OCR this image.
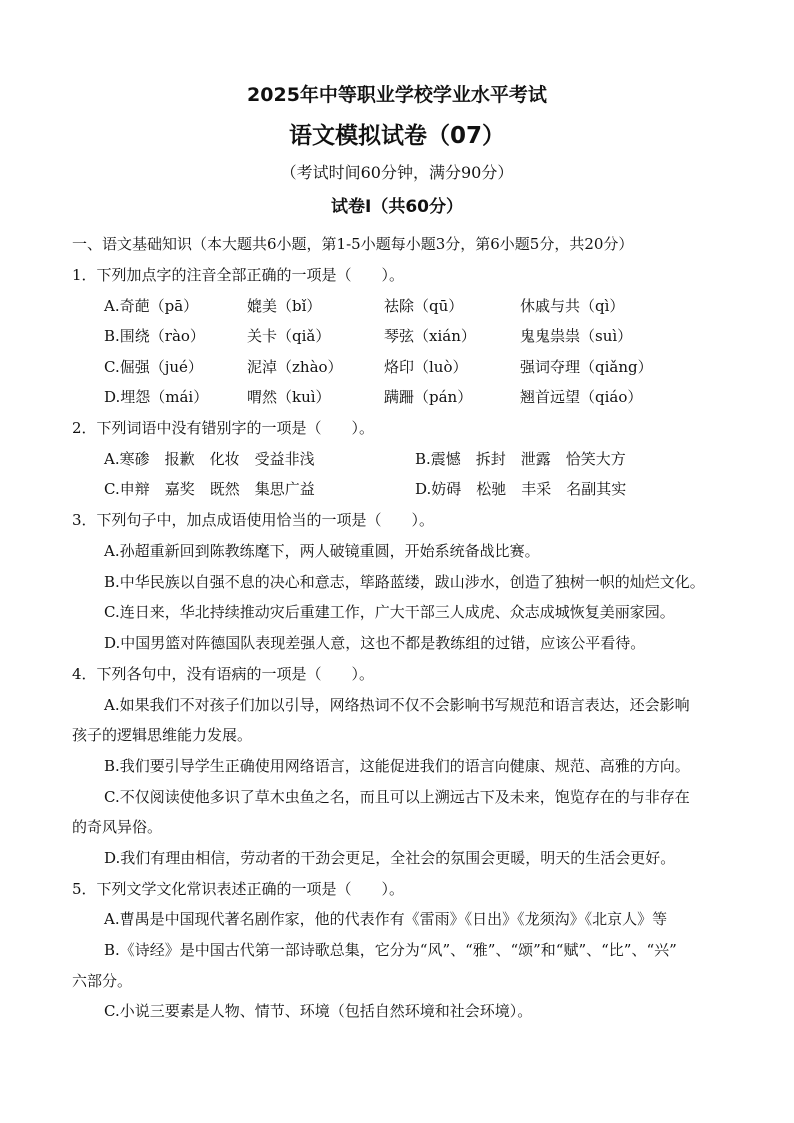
2025年中等职业学校学业水平考试
语文模拟试卷（07）
（考试时间60分钟，满分90分）
试卷Ⅰ（共60分）
一、语文基础知识（本大题共6小题，第1-5小题每小题3分，第6小题5分，共20分）
1．下列加点字的注音全部正确的一项是（　　）。
A.奇葩（pā）	媲美（bǐ）	祛除（qū）	休戚与共（qì）
B.围绕（rào）	关卡（qiǎ）	琴弦（xián）	鬼鬼祟祟（suì）
C.倔强（jué）	泥淖（zhào）	烙印（luò）	强词夺理（qiǎng）
D.埋怨（mái）	喟然（kuì）	蹒跚（pán）	翘首远望（qiáo）
2．下列词语中没有错别字的一项是（　　）。
A.寒碜　报歉　化妆　受益非浅	B.震憾　拆封　泄露　恰笑大方
C.申辩　嘉奖　既然　集思广益	D.妨碍　松驰　丰采　名副其实
3．下列句子中，加点成语使用恰当的一项是（　　）。
A.孙超重新回到陈教练麾下，两人破镜重圆，开始系统备战比赛。
B.中华民族以自强不息的决心和意志，筚路蓝缕，跋山涉水，创造了独树一帜的灿烂文化。
C.连日来，华北持续推动灾后重建工作，广大干部三人成虎、众志成城恢复美丽家园。
D.中国男篮对阵德国队表现差强人意，这也不都是教练组的过错，应该公平看待。
4．下列各句中，没有语病的一项是（　　）。
A.如果我们不对孩子们加以引导，网络热词不仅不会影响书写规范和语言表达，还会影响
孩子的逻辑思维能力发展。
B.我们要引导学生正确使用网络语言，这能促进我们的语言向健康、规范、高雅的方向。
C.不仅阅读使他多识了草木虫鱼之名，而且可以上溯远古下及未来，饱览存在的与非存在
的奇风异俗。
D.我们有理由相信，劳动者的干劲会更足，全社会的氛围会更暖，明天的生活会更好。
5．下列文学文化常识表述正确的一项是（　　）。
A.曹禺是中国现代著名剧作家，他的代表作有《雷雨》《日出》《龙须沟》《北京人》等
B.《诗经》是中国古代第一部诗歌总集，它分为“风”、“雅”、“颂”和“赋”、“比”、“兴”
六部分。
C.小说三要素是人物、情节、环境（包括自然环境和社会环境）。
